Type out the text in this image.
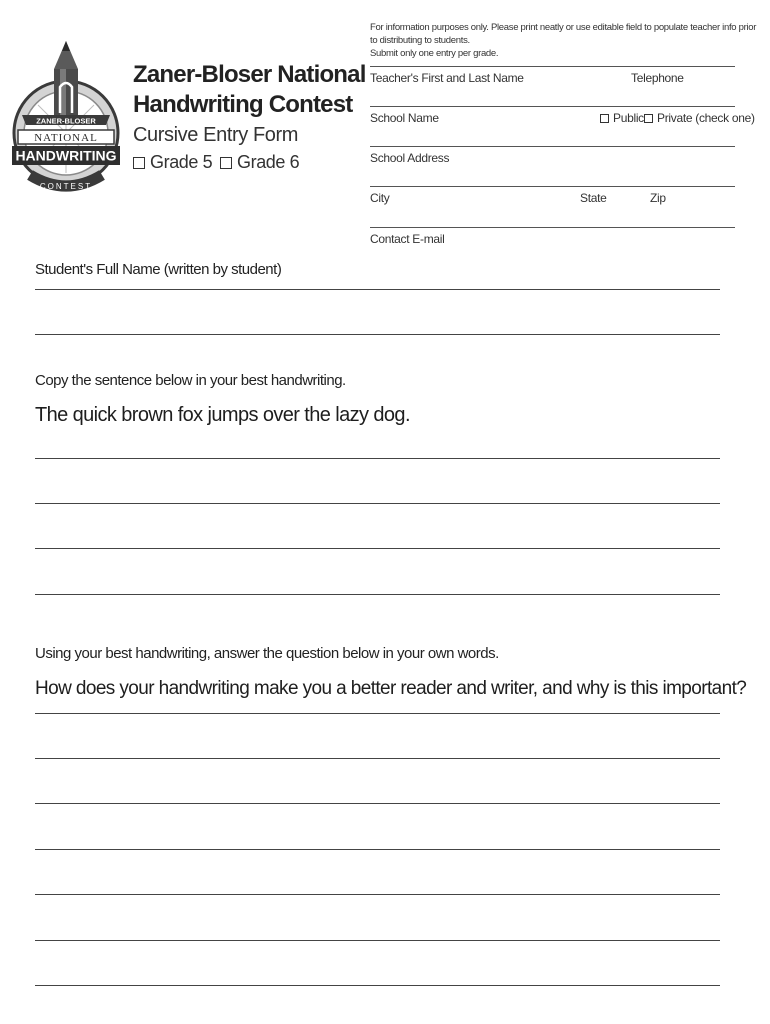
For information purposes only. Please print neatly or use editable field to populate teacher info prior to distributing to students.
Submit only one entry per grade.
ZANER-BLOSER
NATIONAL
HANDWRITING
CONTEST
Zaner-Bloser National
Handwriting Contest
Cursive Entry Form
Grade 5	Grade 6
Teacher's First and Last Name	Telephone
School Name	Public	Private (check one)
School Address
City	State	Zip
Contact E-mail
Student's Full Name (written by student)
Copy the sentence below in your best handwriting.
The quick brown fox jumps over the lazy dog.
Using your best handwriting, answer the question below in your own words.
How does your handwriting make you a better reader and writer, and why is this important?
